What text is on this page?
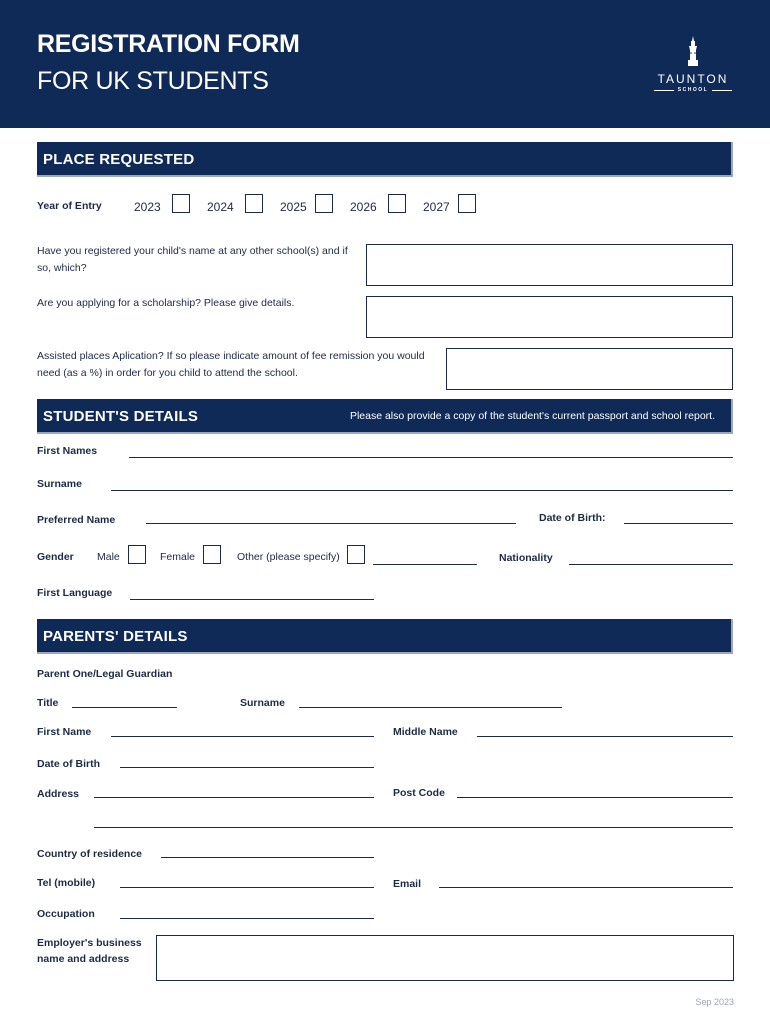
REGISTRATION FORM
FOR UK STUDENTS	TAUNTON
SCHOOL
PLACE REQUESTED
Year of Entry	2023	2024	2025	2026	2027
Have you registered your child's name at any other school(s) and if so, which?
Are you applying for a scholarship? Please give details.
Assisted places Aplication? If so please indicate amount of fee remission you would need (as a %) in order for you child to attend the school.
STUDENT'S DETAILS	Please also provide a copy of the student's current passport and school report.
First Names
Surname
Preferred Name	Date of Birth:
Gender Male	Female	Other (please specify)	Nationality
First Language
PARENTS' DETAILS
Parent One/Legal Guardian
Title	Surname
First Name	Middle Name
Date of Birth
Address	Post Code
Country of residence
Tel (mobile)	Email
Occupation
Employer's business name and address
Sep 2023
